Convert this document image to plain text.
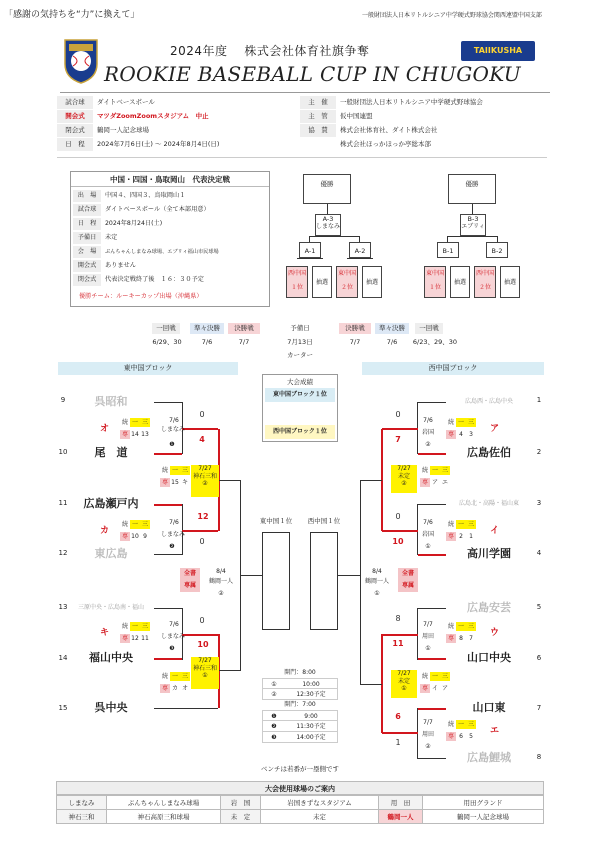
「感謝の気持ちを“力”に換えて」	一般財団法人日本リトルシニア中学硬式野球協会関西連盟中国支部
2024年度　 株式会社体育社旗争奪
ROOKIE BASEBALL CUP IN CHUGOKU
TAIIKUSHA
試合球	ダイトベースボール
開会式	マツダZoomZoomスタジアム　中止
閉会式	鶴岡一人記念球場
日　程	2024年7月6日(土) ～ 2024年8月4日(日)
主　催	一般財団法人日本リトルシニア中学硬式野球協会
主　管	仮中国連盟
協　賛	株式会社体育社、ダイト株式会社
株式会社ほっかほっか亭総本部
中国・四国・鳥取岡山　代表決定戦
出　場	中国４、四国３、鳥取岡山１
試合球	ダイトベースボール（全て本部用意）
日　程	2024年8月24日(土)
予備日	未定
会　場	ぶんちゃんしまなみ球場、エブリィ福山市民球場
開会式	ありません
閉会式	代表決定戦終了後　１６：３０予定
優勝チーム：ルーキーカップ出場（沖縄県）
優勝
A-3
しまなみ
A-1	A-2
西中国
１位
抽選
東中国
２位
抽選
優勝
B-3
エブリィ
B-1	B-2
東中国
１位
抽選
西中国
２位
抽選
一回戦	準々決勝	決勝戦
6/29、30	7/6	7/7
予備日
7月13日
カーター
決勝戦	準々決勝	一回戦
7/7	7/6	6/23、29、30
東中国ブロック	西中国ブロック
大会成績
東中国ブロック１位
西中国ブロック１位
東中国１位	西中国１位
9	呉昭和
10	尾　道
11	広島瀬戸内
12	東広島
13	三原中央・広島南・福山
14	福山中央
15	呉中央
オ
7/6
しまなみ
❶
0
4
続 一 三
専 14 13
カ
7/6
しまなみ
❷
12
0
続 一 三
専 10 9
キ
7/6
しまなみ
❸
0
10
続 一 三
専 12 11
続 一 三
専 15 キ
7/27
神石三和
②
続 一 三
専 カ オ
7/27
神石三和
①
全書
専属
8/4
鶴岡一人
②
1
広島西・広島中央
2
広島佐伯
3
広島北・高陽・福山東
4
高川学園
5
広島安芸
6
山口中央
7
山口東
8
広島鯉城
ア
7/6
岩国
②
0
7
続 一 三
専 4	3
イ
7/6
岩国
①
0
10
続 一 三
専 2	1
ウ
7/7
用田
①
8
11
続 一 三
専 8	7
エ
7/7
用田
②
6
1
続 一 三
専 6	5
7/27
未定
②
続 一 三
専 ア エ
7/27
未定
①
続 一 三
専 イ ア
8/4
鶴岡一人
①
全書
専属
開門：8:00
①	10:00
②	12:30予定
開門：7:00
❶	9:00
❷	11:30予定
❸	14:00予定
ベンチは若番が一塁側です
大会使用球場のご案内
しまなみ	ぶんちゃんしまなみ球場	岩　国	岩国きずなスタジアム	用　田	用田グランド
神石三和	神石高原三和球場	未　定	未定	鶴岡一人	鶴岡一人記念球場
